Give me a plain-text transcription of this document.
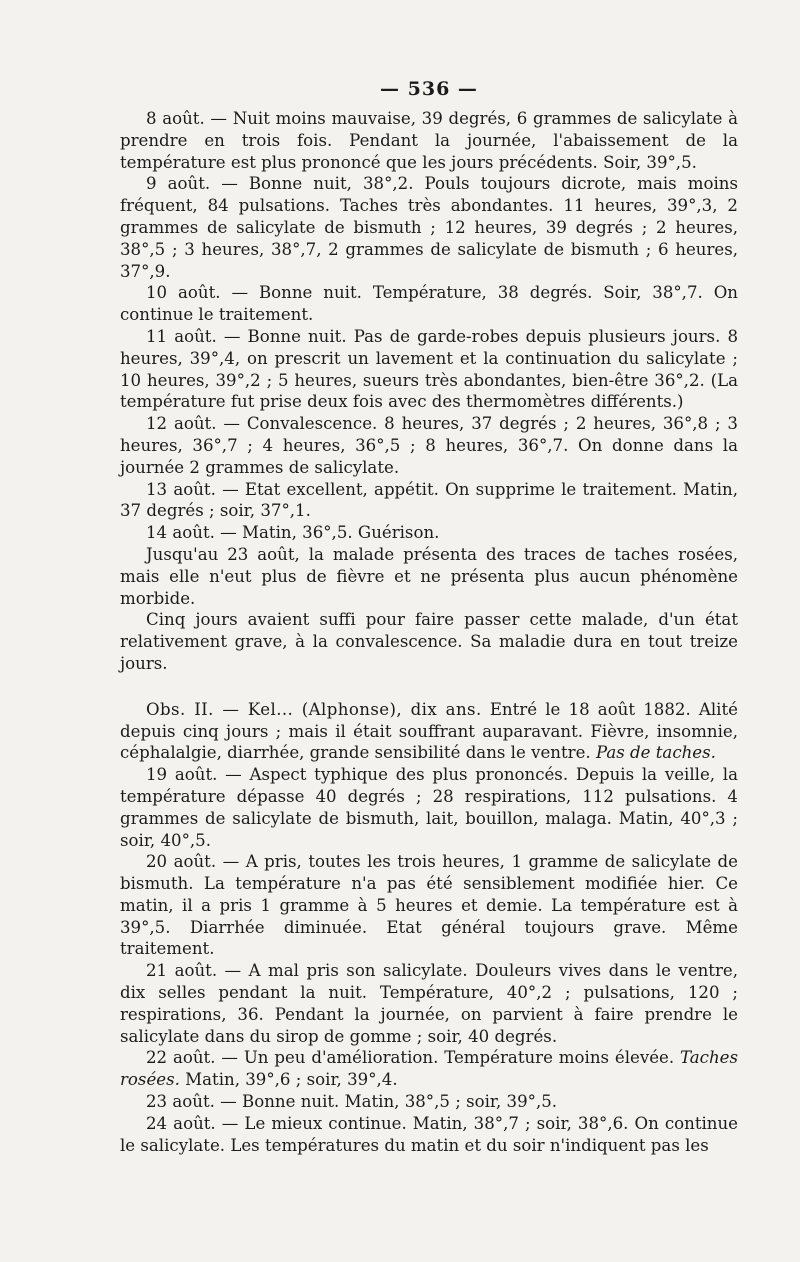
— 536 —

8 août. — Nuit moins mauvaise, 39 degrés, 6 grammes de salicylate à prendre en trois fois. Pendant la journée, l'abaissement de la température est plus prononcé que les jours précédents. Soir, 39°,5.

9 août. — Bonne nuit, 38°,2. Pouls toujours dicrote, mais moins fréquent, 84 pulsations. Taches très abondantes. 11 heures, 39°,3, 2 grammes de salicylate de bismuth ; 12 heures, 39 degrés ; 2 heures, 38°,5 ; 3 heures, 38°,7, 2 grammes de salicylate de bismuth ; 6 heures, 37°,9.

10 août. — Bonne nuit. Température, 38 degrés. Soir, 38°,7. On continue le traitement.

11 août. — Bonne nuit. Pas de garde-robes depuis plusieurs jours. 8 heures, 39°,4, on prescrit un lavement et la continuation du salicylate ; 10 heures, 39°,2 ; 5 heures, sueurs très abondantes, bien-être 36°,2. (La température fut prise deux fois avec des thermomètres différents.)

12 août. — Convalescence. 8 heures, 37 degrés ; 2 heures, 36°,8 ; 3 heures, 36°,7 ; 4 heures, 36°,5 ; 8 heures, 36°,7. On donne dans la journée 2 grammes de salicylate.

13 août. — Etat excellent, appétit. On supprime le traitement. Matin, 37 degrés ; soir, 37°,1.

14 août. — Matin, 36°,5. Guérison.

Jusqu'au 23 août, la malade présenta des traces de taches rosées, mais elle n'eut plus de fièvre et ne présenta plus aucun phénomène morbide.

Cinq jours avaient suffi pour faire passer cette malade, d'un état relativement grave, à la convalescence. Sa maladie dura en tout treize jours.

Obs. II. — Kel... (Alphonse), dix ans. Entré le 18 août 1882. Alité depuis cinq jours ; mais il était souffrant auparavant. Fièvre, insomnie, céphalalgie, diarrhée, grande sensibilité dans le ventre. Pas de taches.

19 août. — Aspect typhique des plus prononcés. Depuis la veille, la température dépasse 40 degrés ; 28 respirations, 112 pulsations. 4 grammes de salicylate de bismuth, lait, bouillon, malaga. Matin, 40°,3 ; soir, 40°,5.

20 août. — A pris, toutes les trois heures, 1 gramme de salicylate de bismuth. La température n'a pas été sensiblement modifiée hier. Ce matin, il a pris 1 gramme à 5 heures et demie. La température est à 39°,5. Diarrhée diminuée. Etat général toujours grave. Même traitement.

21 août. — A mal pris son salicylate. Douleurs vives dans le ventre, dix selles pendant la nuit. Température, 40°,2 ; pulsations, 120 ; respirations, 36. Pendant la journée, on parvient à faire prendre le salicylate dans du sirop de gomme ; soir, 40 degrés.

22 août. — Un peu d'amélioration. Température moins élevée. Taches rosées. Matin, 39°,6 ; soir, 39°,4.

23 août. — Bonne nuit. Matin, 38°,5 ; soir, 39°,5.

24 août. — Le mieux continue. Matin, 38°,7 ; soir, 38°,6. On continue le salicylate. Les températures du matin et du soir n'indiquent pas les
